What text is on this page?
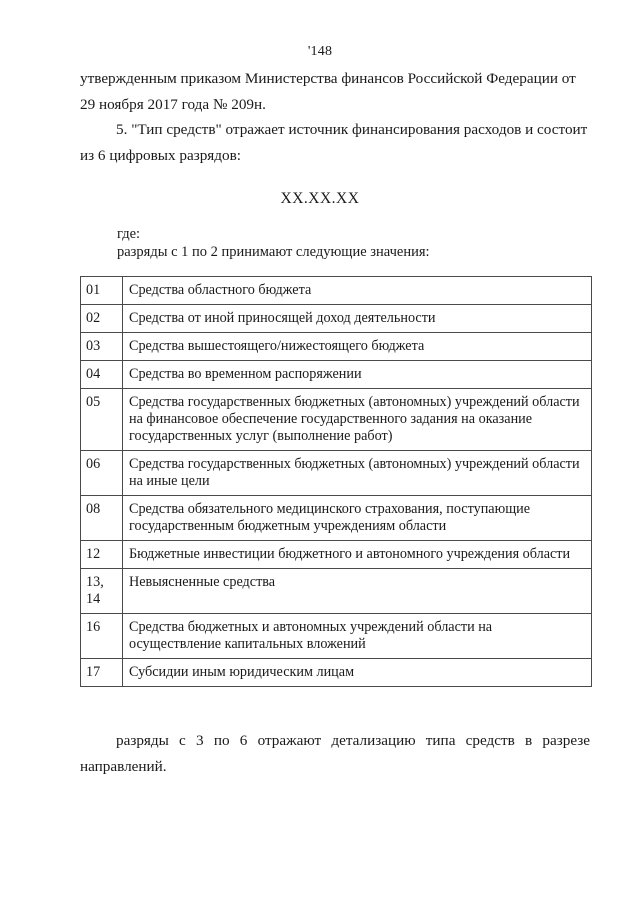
'148
утвержденным приказом Министерства финансов Российской Федерации от
29 ноября 2017 года № 209н.
5. "Тип средств" отражает источник финансирования расходов и состоит
из 6 цифровых разрядов:
XX.XX.XX
где:
разряды с 1 по 2 принимают следующие значения:
01	Средства областного бюджета
02	Средства от иной приносящей доход деятельности
03	Средства вышестоящего/нижестоящего бюджета
04	Средства во временном распоряжении
05	Средства государственных бюджетных (автономных) учреждений области на финансовое обеспечение государственного задания на оказание государственных услуг (выполнение работ)
06	Средства государственных бюджетных (автономных) учреждений области на иные цели
08	Средства обязательного медицинского страхования, поступающие государственным бюджетным учреждениям области
12	Бюджетные инвестиции бюджетного и автономного учреждения области
13, 14	Невыясненные средства
16	Средства бюджетных и автономных учреждений области на осуществление капитальных вложений
17	Субсидии иным юридическим лицам
разряды с 3 по 6 отражают детализацию типа средств в разрезе
направлений.
